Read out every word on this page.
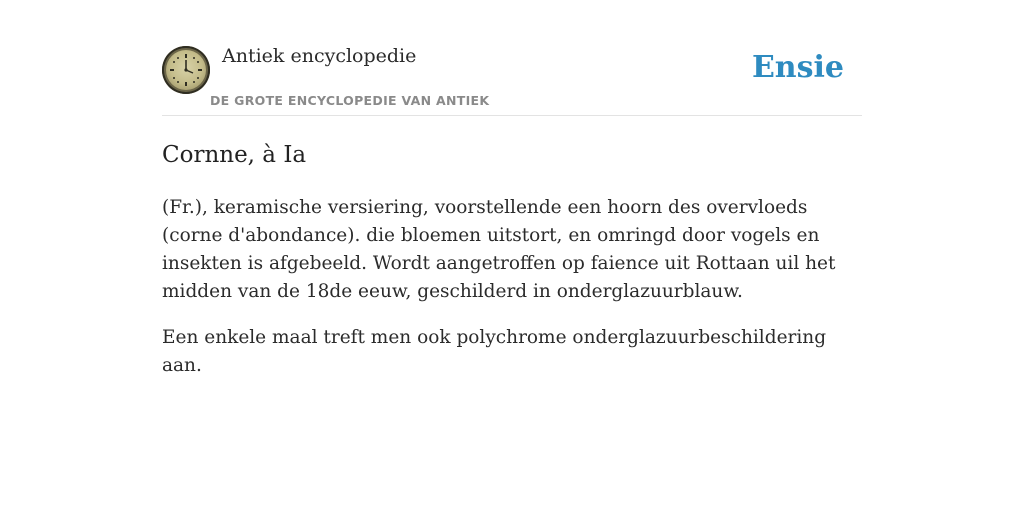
Antiek encyclopedie
DE GROTE ENCYCLOPEDIE VAN ANTIEK
Ensie
Cornne, à Ia

(Fr.), keramische versiering, voorstellende een hoorn des overvloeds (corne d'abondance). die bloemen uitstort, en omringd door vogels en insekten is afgebeeld. Wordt aangetroffen op faience uit Rottaan uil het midden van de 18de eeuw, geschilderd in onderglazuurblauw.

Een enkele maal treft men ook polychrome onderglazuurbeschildering aan.
